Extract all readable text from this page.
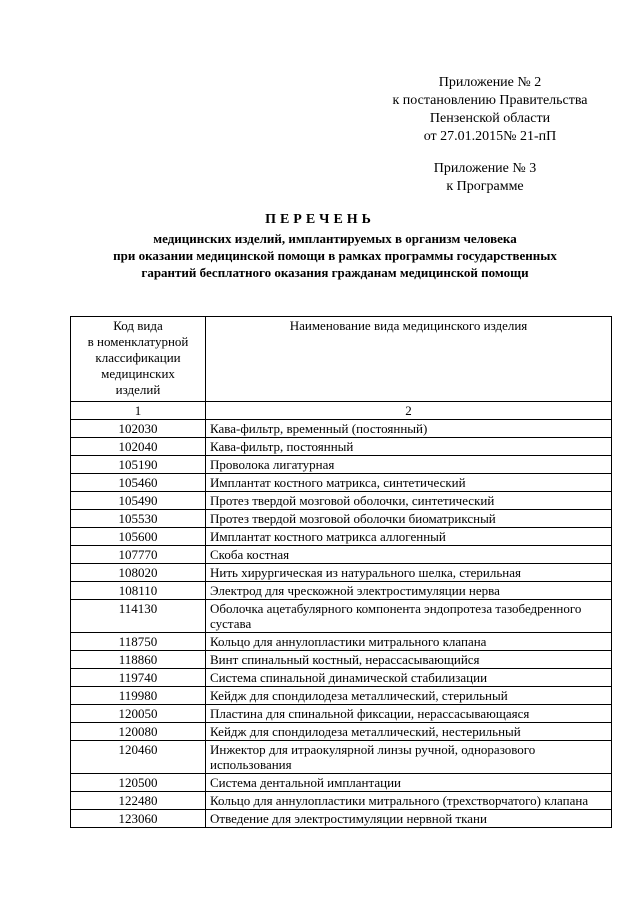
Приложение № 2
к постановлению Правительства
Пензенской области
от 27.01.2015№ 21-пП
Приложение № 3
к Программе
ПЕРЕЧЕНЬ
медицинских изделий, имплантируемых в организм человека
при оказании медицинской помощи в рамках программы государственных
гарантий бесплатного оказания гражданам медицинской помощи
Код вида
в номенклатурной
классификации
медицинских
изделий	Наименование вида медицинского изделия
1	2
102030	Кава-фильтр, временный (постоянный)
102040	Кава-фильтр, постоянный
105190	Проволока лигатурная
105460	Имплантат костного матрикса, синтетический
105490	Протез твердой мозговой оболочки, синтетический
105530	Протез твердой мозговой оболочки биоматриксный
105600	Имплантат костного матрикса аллогенный
107770	Скоба костная
108020	Нить хирургическая из натурального шелка, стерильная
108110	Электрод для чрескожной электростимуляции нерва
114130	Оболочка ацетабулярного компонента эндопротеза тазобедренного сустава
118750	Кольцо для аннулопластики митрального клапана
118860	Винт спинальный костный, нерассасывающийся
119740	Система спинальной динамической стабилизации
119980	Кейдж для спондилодеза металлический, стерильный
120050	Пластина для спинальной фиксации, нерассасывающаяся
120080	Кейдж для спондилодеза металлический, нестерильный
120460	Инжектор для итраокулярной линзы ручной, одноразового использования
120500	Система дентальной имплантации
122480	Кольцо для аннулопластики митрального (трехстворчатого) клапана
123060	Отведение для электростимуляции нервной ткани
